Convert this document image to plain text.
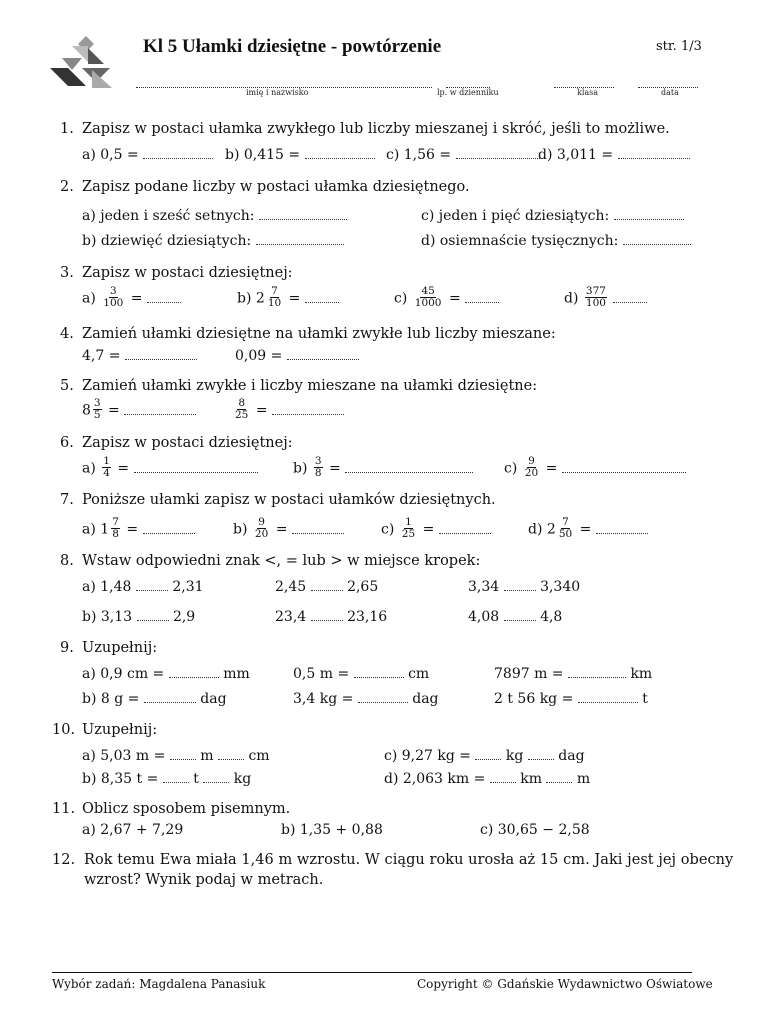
Kl 5 Ułamki dziesiętne - powtórzenie	str. 1/3
imię i nazwisko	lp. w dzienniku	klasa	data
1. Zapisz w postaci ułamka zwykłego lub liczby mieszanej i skróć, jeśli to możliwe.
a) 0,5 =	b) 0,415 =	c) 1,56 =	d) 3,011 =
2. Zapisz podane liczby w postaci ułamka dziesiętnego.
a) jeden i sześć setnych:	c) jeden i pięć dziesiątych:
b) dziewięć dziesiątych:	d) osiemnaście tysięcznych:
3. Zapisz w postaci dziesiętnej:
$a) \frac{3}{100}$ =	b) $2 \frac{7}{10}$ =	$c) \frac{45}{1000}$ =	$d) \frac{377}{100}$

4. Zamień ułamki dziesiętne na ułamki zwykłe lub liczby mieszane:
4,7 =	0,09 =
5. Zamień ułamki zwykłe i liczby mieszane na ułamki dziesiętne:
$8 \frac{3}{5}$ =	$\frac{8}{25}$ =
6. Zapisz w postaci dziesiętnej:
$a) \frac{1}{4}$ =	$b) \frac{3}{8}$ =	$c) \frac{9}{20}$ =
7. Poniższe ułamki zapisz w postaci ułamków dziesiętnych.
a) $1 \frac{7}{8}$ =	$b) \frac{9}{20}$ =	$c) \frac{1}{25}$ =	d) $2 \frac{7}{50}$ =
8. Wstaw odpowiedni znak <, = lub > w miejsce kropek:
a) 1,48	2,31	2,45	2,65	3,34	3,340
b) 3,13	2,9	23,4	23,16	4,08	4,8
9. Uzupełnij:
a) 0,9 cm =	mm	0,5 m =	cm	7897 m =	km
b) 8 g =	dag	3,4 kg =	dag	2 t 56 kg =	t
10. Uzupełnij:
a) 5,03 m = m cm	c) 9,27 kg = kg dag
b) 8,35 t = t kg	d) 2,063 km = km m
11. Oblicz sposobem pisemnym.
a) 2,67 + 7,29	b) 1,35 + 0,88	c) 30,65 − 2,58
12. Rok temu Ewa miała 1,46 m wzrostu. W ciągu roku urosła aż 15 cm. Jaki jest jej obecny
wzrost? Wynik podaj w metrach.
Wybór zadań: Magdalena Panasiuk	Copyright © Gdańskie Wydawnictwo Oświatowe
